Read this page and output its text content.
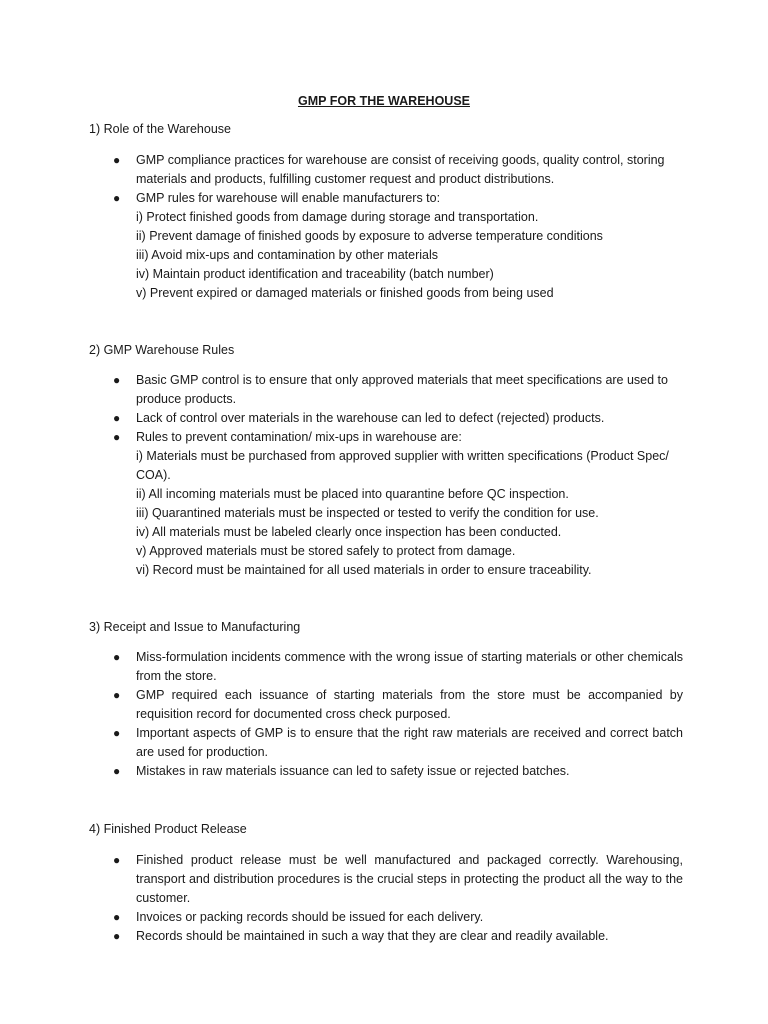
GMP FOR THE WAREHOUSE
1) Role of the Warehouse
● GMP compliance practices for warehouse are consist of receiving goods, quality control, storing materials and products, fulfilling customer request and product distributions.
● GMP rules for warehouse will enable manufacturers to:
i) Protect finished goods from damage during storage and transportation.
ii) Prevent damage of finished goods by exposure to adverse temperature conditions
iii) Avoid mix-ups and contamination by other materials
iv) Maintain product identification and traceability (batch number)
v) Prevent expired or damaged materials or finished goods from being used
2) GMP Warehouse Rules
● Basic GMP control is to ensure that only approved materials that meet specifications are used to produce products.
● Lack of control over materials in the warehouse can led to defect (rejected) products.
● Rules to prevent contamination/ mix-ups in warehouse are:
i) Materials must be purchased from approved supplier with written specifications (Product Spec/ COA).
ii) All incoming materials must be placed into quarantine before QC inspection.
iii) Quarantined materials must be inspected or tested to verify the condition for use.
iv) All materials must be labeled clearly once inspection has been conducted.
v) Approved materials must be stored safely to protect from damage.
vi) Record must be maintained for all used materials in order to ensure traceability.
3) Receipt and Issue to Manufacturing
● Miss-formulation incidents commence with the wrong issue of starting materials or other chemicals from the store.
● GMP required each issuance of starting materials from the store must be accompanied by requisition record for documented cross check purposed.
● Important aspects of GMP is to ensure that the right raw materials are received and correct batch are used for production.
● Mistakes in raw materials issuance can led to safety issue or rejected batches.
4) Finished Product Release
● Finished product release must be well manufactured and packaged correctly. Warehousing, transport and distribution procedures is the crucial steps in protecting the product all the way to the customer.
● Invoices or packing records should be issued for each delivery.
● Records should be maintained in such a way that they are clear and readily available.
